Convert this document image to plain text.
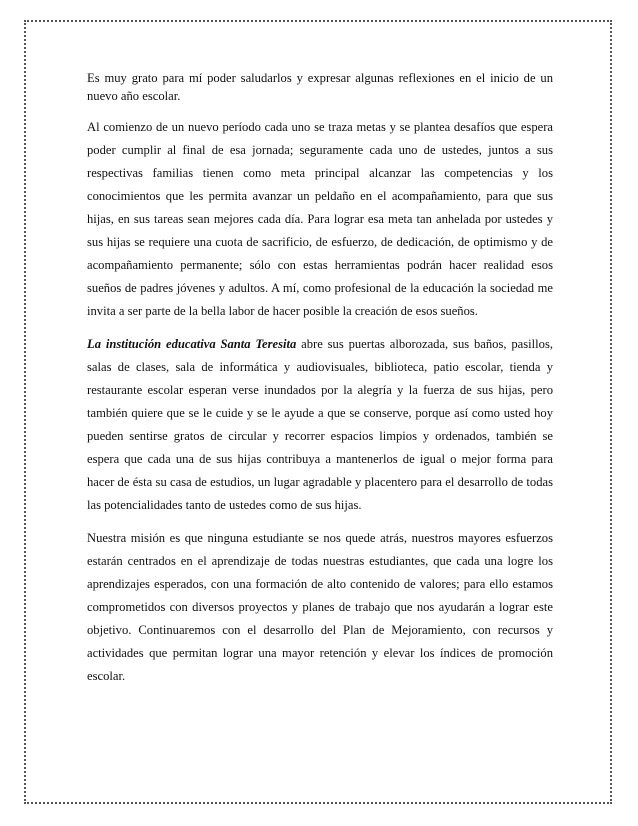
Es muy grato para mí poder saludarlos y expresar algunas reflexiones en el inicio de un nuevo año escolar.

Al comienzo de un nuevo período cada uno se traza metas y se plantea desafíos que espera poder cumplir al final de esa jornada; seguramente cada uno de ustedes, juntos a sus respectivas familias tienen como meta principal alcanzar las competencias y los conocimientos que les permita avanzar un peldaño en el acompañamiento, para que sus hijas, en sus tareas sean mejores cada día. Para lograr esa meta tan anhelada por ustedes y sus hijas se requiere una cuota de sacrificio, de esfuerzo, de dedicación, de optimismo y de acompañamiento permanente; sólo con estas herramientas podrán hacer realidad esos sueños de padres jóvenes y adultos. A mí, como profesional de la educación la sociedad me invita a ser parte de la bella labor de hacer posible la creación de esos sueños.

La institución educativa Santa Teresita abre sus puertas alborozada, sus baños, pasillos, salas de clases, sala de informática y audiovisuales, biblioteca, patio escolar, tienda y restaurante escolar esperan verse inundados por la alegría y la fuerza de sus hijas, pero también quiere que se le cuide y se le ayude a que se conserve, porque así como usted hoy pueden sentirse gratos de circular y recorrer espacios limpios y ordenados, también se espera que cada una de sus hijas contribuya a mantenerlos de igual o mejor forma para hacer de ésta su casa de estudios, un lugar agradable y placentero para el desarrollo de todas las potencialidades tanto de ustedes como de sus hijas.

Nuestra misión es que ninguna estudiante se nos quede atrás, nuestros mayores esfuerzos estarán centrados en el aprendizaje de todas nuestras estudiantes, que cada una logre los aprendizajes esperados, con una formación de alto contenido de valores; para ello estamos comprometidos con diversos proyectos y planes de trabajo que nos ayudarán a lograr este objetivo. Continuaremos con el desarrollo del Plan de Mejoramiento, con recursos y actividades que permitan lograr una mayor retención y elevar los índices de promoción escolar.
